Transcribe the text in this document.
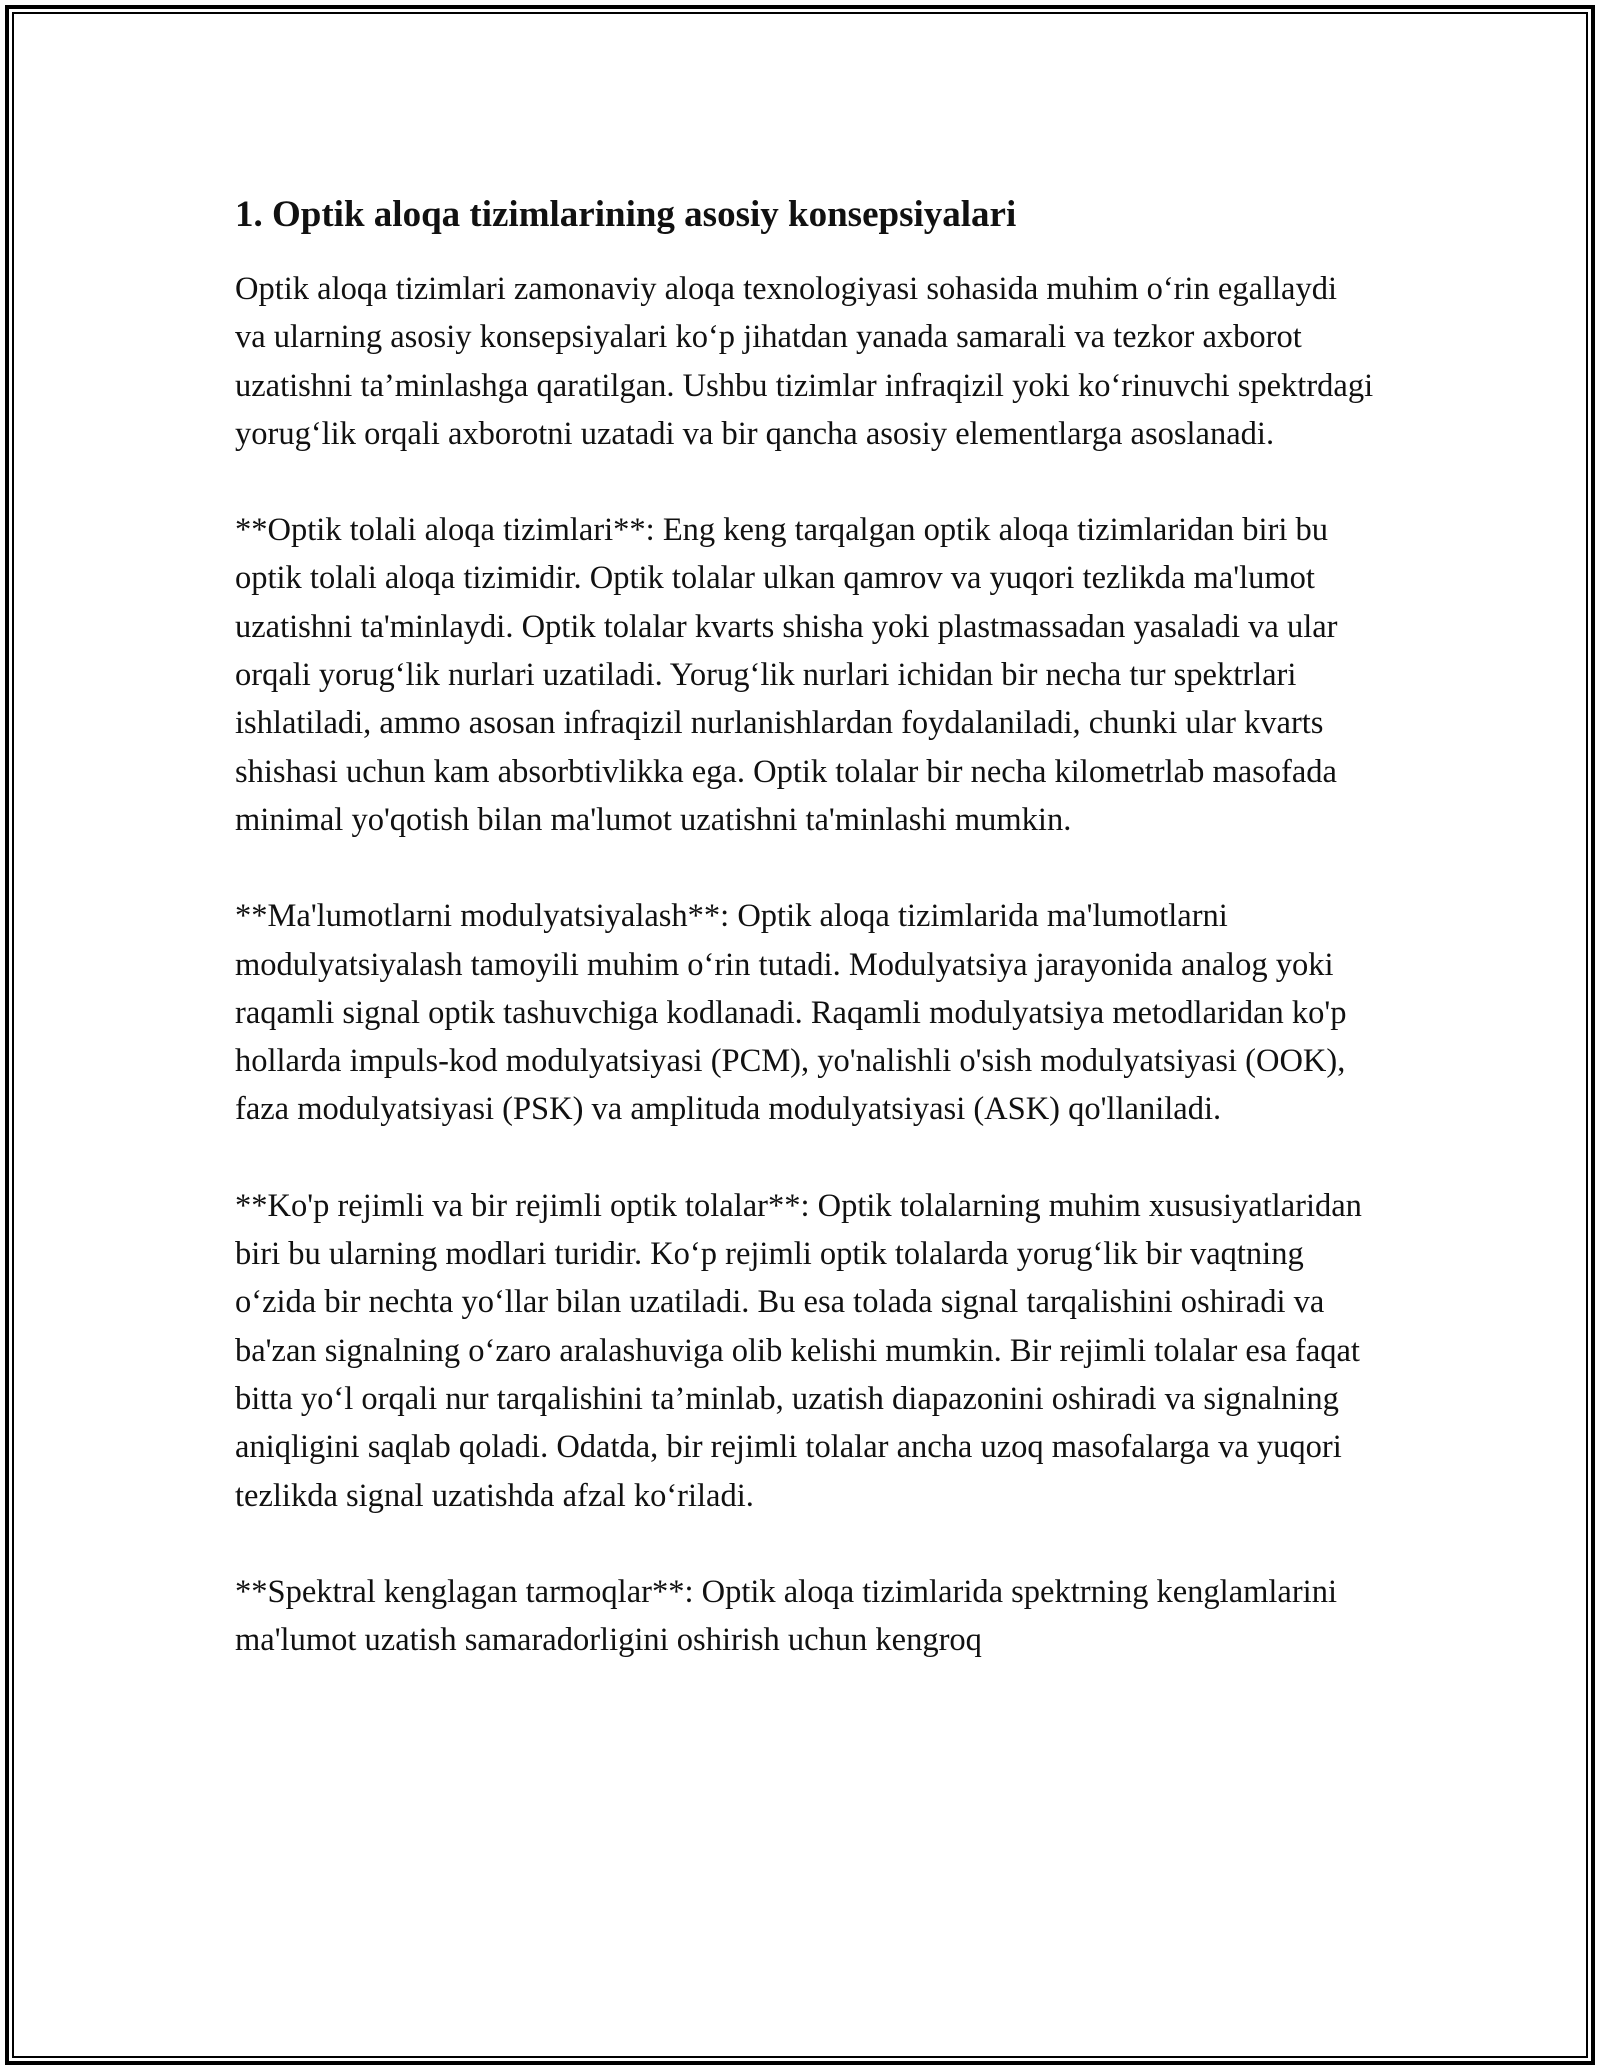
1. Optik aloqa tizimlarining asosiy konsepsiyalari

Optik aloqa tizimlari zamonaviy aloqa texnologiyasi sohasida muhim o‘rin egallaydi va ularning asosiy konsepsiyalari ko‘p jihatdan yanada samarali va tezkor axborot uzatishni ta’minlashga qaratilgan. Ushbu tizimlar infraqizil yoki ko‘rinuvchi spektrdagi yorug‘lik orqali axborotni uzatadi va bir qancha asosiy elementlarga asoslanadi.

**Optik tolali aloqa tizimlari**: Eng keng tarqalgan optik aloqa tizimlaridan biri bu optik tolali aloqa tizimidir. Optik tolalar ulkan qamrov va yuqori tezlikda ma'lumot uzatishni ta'minlaydi. Optik tolalar kvarts shisha yoki plastmassadan yasaladi va ular orqali yorug‘lik nurlari uzatiladi. Yorug‘lik nurlari ichidan bir necha tur spektrlari ishlatiladi, ammo asosan infraqizil nurlanishlardan foydalaniladi, chunki ular kvarts shishasi uchun kam absorbtivlikka ega. Optik tolalar bir necha kilometrlab masofada minimal yo'qotish bilan ma'lumot uzatishni ta'minlashi mumkin.

**Ma'lumotlarni modulyatsiyalash**: Optik aloqa tizimlarida ma'lumotlarni modulyatsiyalash tamoyili muhim o‘rin tutadi. Modulyatsiya jarayonida analog yoki raqamli signal optik tashuvchiga kodlanadi. Raqamli modulyatsiya metodlaridan ko'p hollarda impuls-kod modulyatsiyasi (PCM), yo'nalishli o'sish modulyatsiyasi (OOK), faza modulyatsiyasi (PSK) va amplituda modulyatsiyasi (ASK) qo'llaniladi.

**Ko'p rejimli va bir rejimli optik tolalar**: Optik tolalarning muhim xususiyatlaridan biri bu ularning modlari turidir. Ko‘p rejimli optik tolalarda yorug‘lik bir vaqtning o‘zida bir nechta yo‘llar bilan uzatiladi. Bu esa tolada signal tarqalishini oshiradi va ba'zan signalning o‘zaro aralashuviga olib kelishi mumkin. Bir rejimli tolalar esa faqat bitta yo‘l orqali nur tarqalishini ta’minlab, uzatish diapazonini oshiradi va signalning aniqligini saqlab qoladi. Odatda, bir rejimli tolalar ancha uzoq masofalarga va yuqori tezlikda signal uzatishda afzal ko‘riladi.

**Spektral kenglagan tarmoqlar**: Optik aloqa tizimlarida spektrning kenglamlarini ma'lumot uzatish samaradorligini oshirish uchun kengroq
